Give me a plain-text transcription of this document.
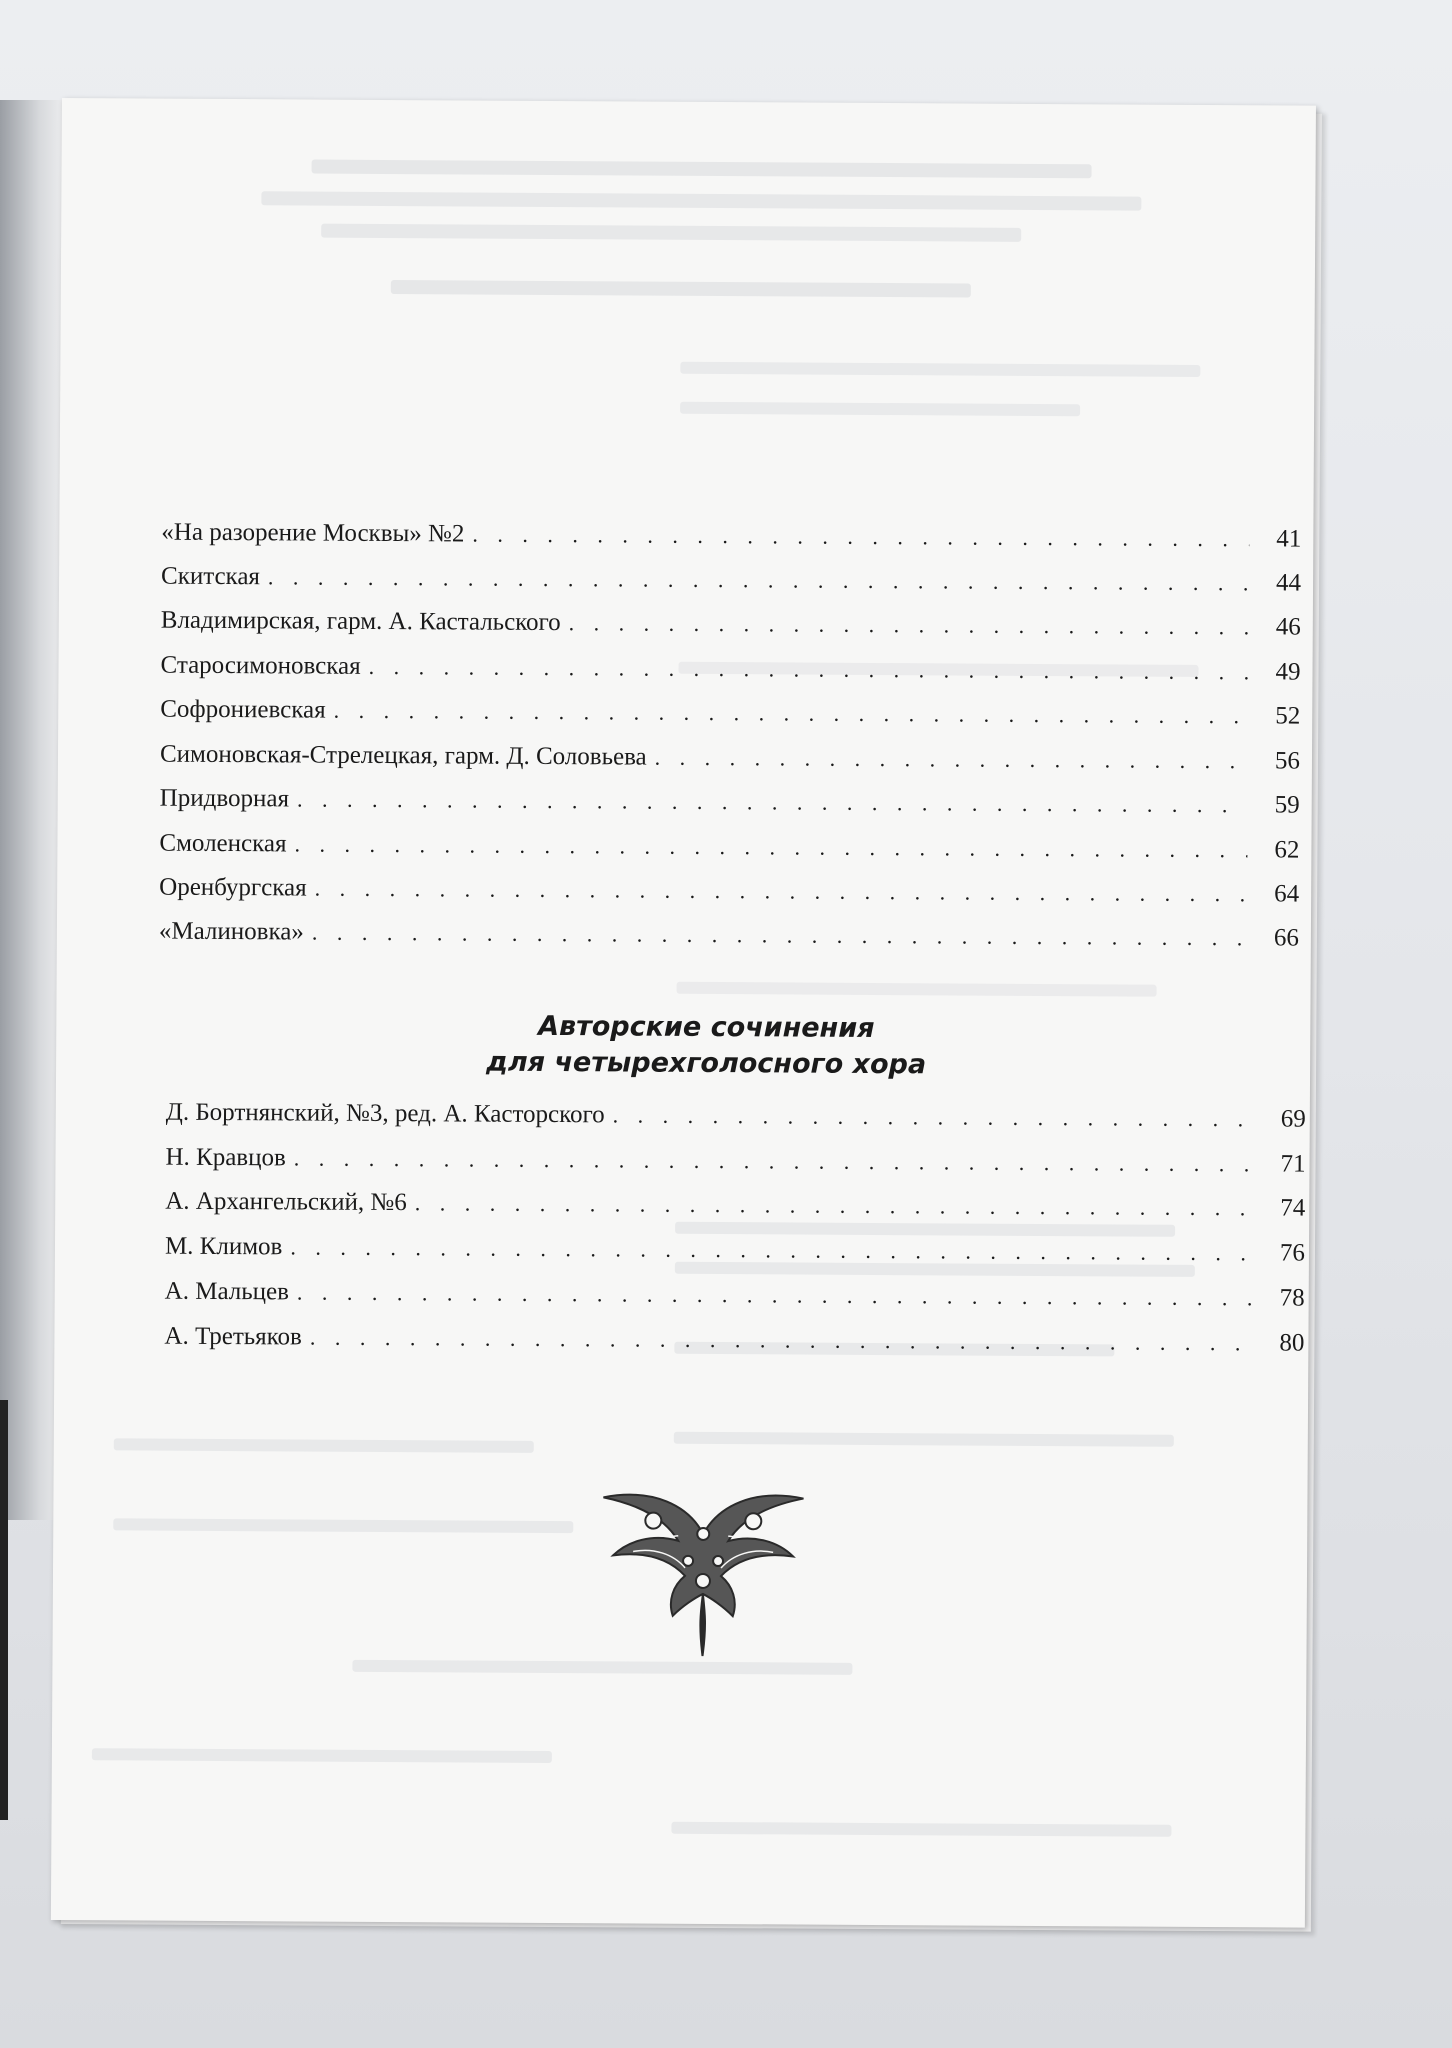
«На разорение Москвы» №2 . . .	41
Скитская . . .	44
Владимирская, гарм. А. Кастальского . . .	46
Старосимоновская . . .	49
Софрониевская . . .	52
Симоновская-Стрелецкая, гарм. Д. Соловьева . . .	56
Придворная . . .	59
Смоленская . . .	62
Оренбургская . . .	64
«Малиновка» . . .	66
Авторские сочинения
для четырехголосного хора
Д. Бортнянский, №3, ред. А. Касторского . . .	69
Н. Кравцов . . .	71
А. Архангельский, №6 . . .	74
М. Климов . . .	76
А. Мальцев . . .	78
А. Третьяков . . .	80
